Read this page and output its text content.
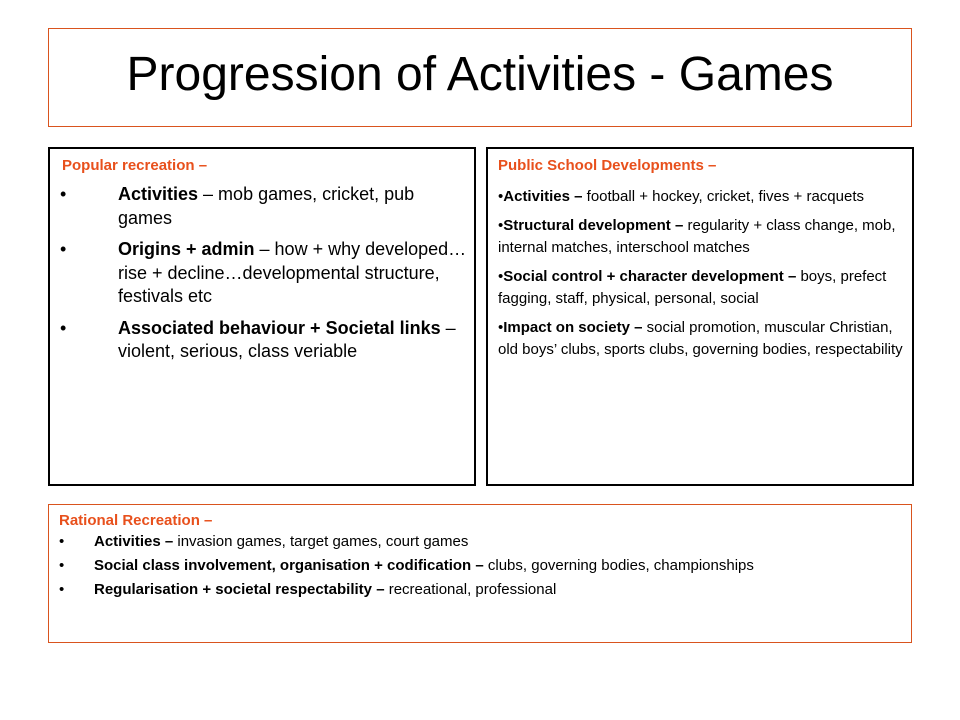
Progression of Activities - Games
Popular recreation –
•	Activities – mob games, cricket, pub games
•	Origins + admin – how + why developed…rise + decline…developmental structure, festivals etc
•	Associated behaviour + Societal links – violent, serious, class veriable
Public School Developments –
•Activities – football + hockey, cricket, fives + racquets
•Structural development – regularity + class change, mob, internal matches, interschool matches
•Social control + character development – boys, prefect fagging, staff, physical, personal, social
•Impact on society – social promotion, muscular Christian, old boys’ clubs, sports clubs, governing bodies, respectability
Rational Recreation –
• Activities – invasion games, target games, court games
• Social class involvement, organisation + codification – clubs, governing bodies, championships
• Regularisation + societal respectability – recreational, professional
